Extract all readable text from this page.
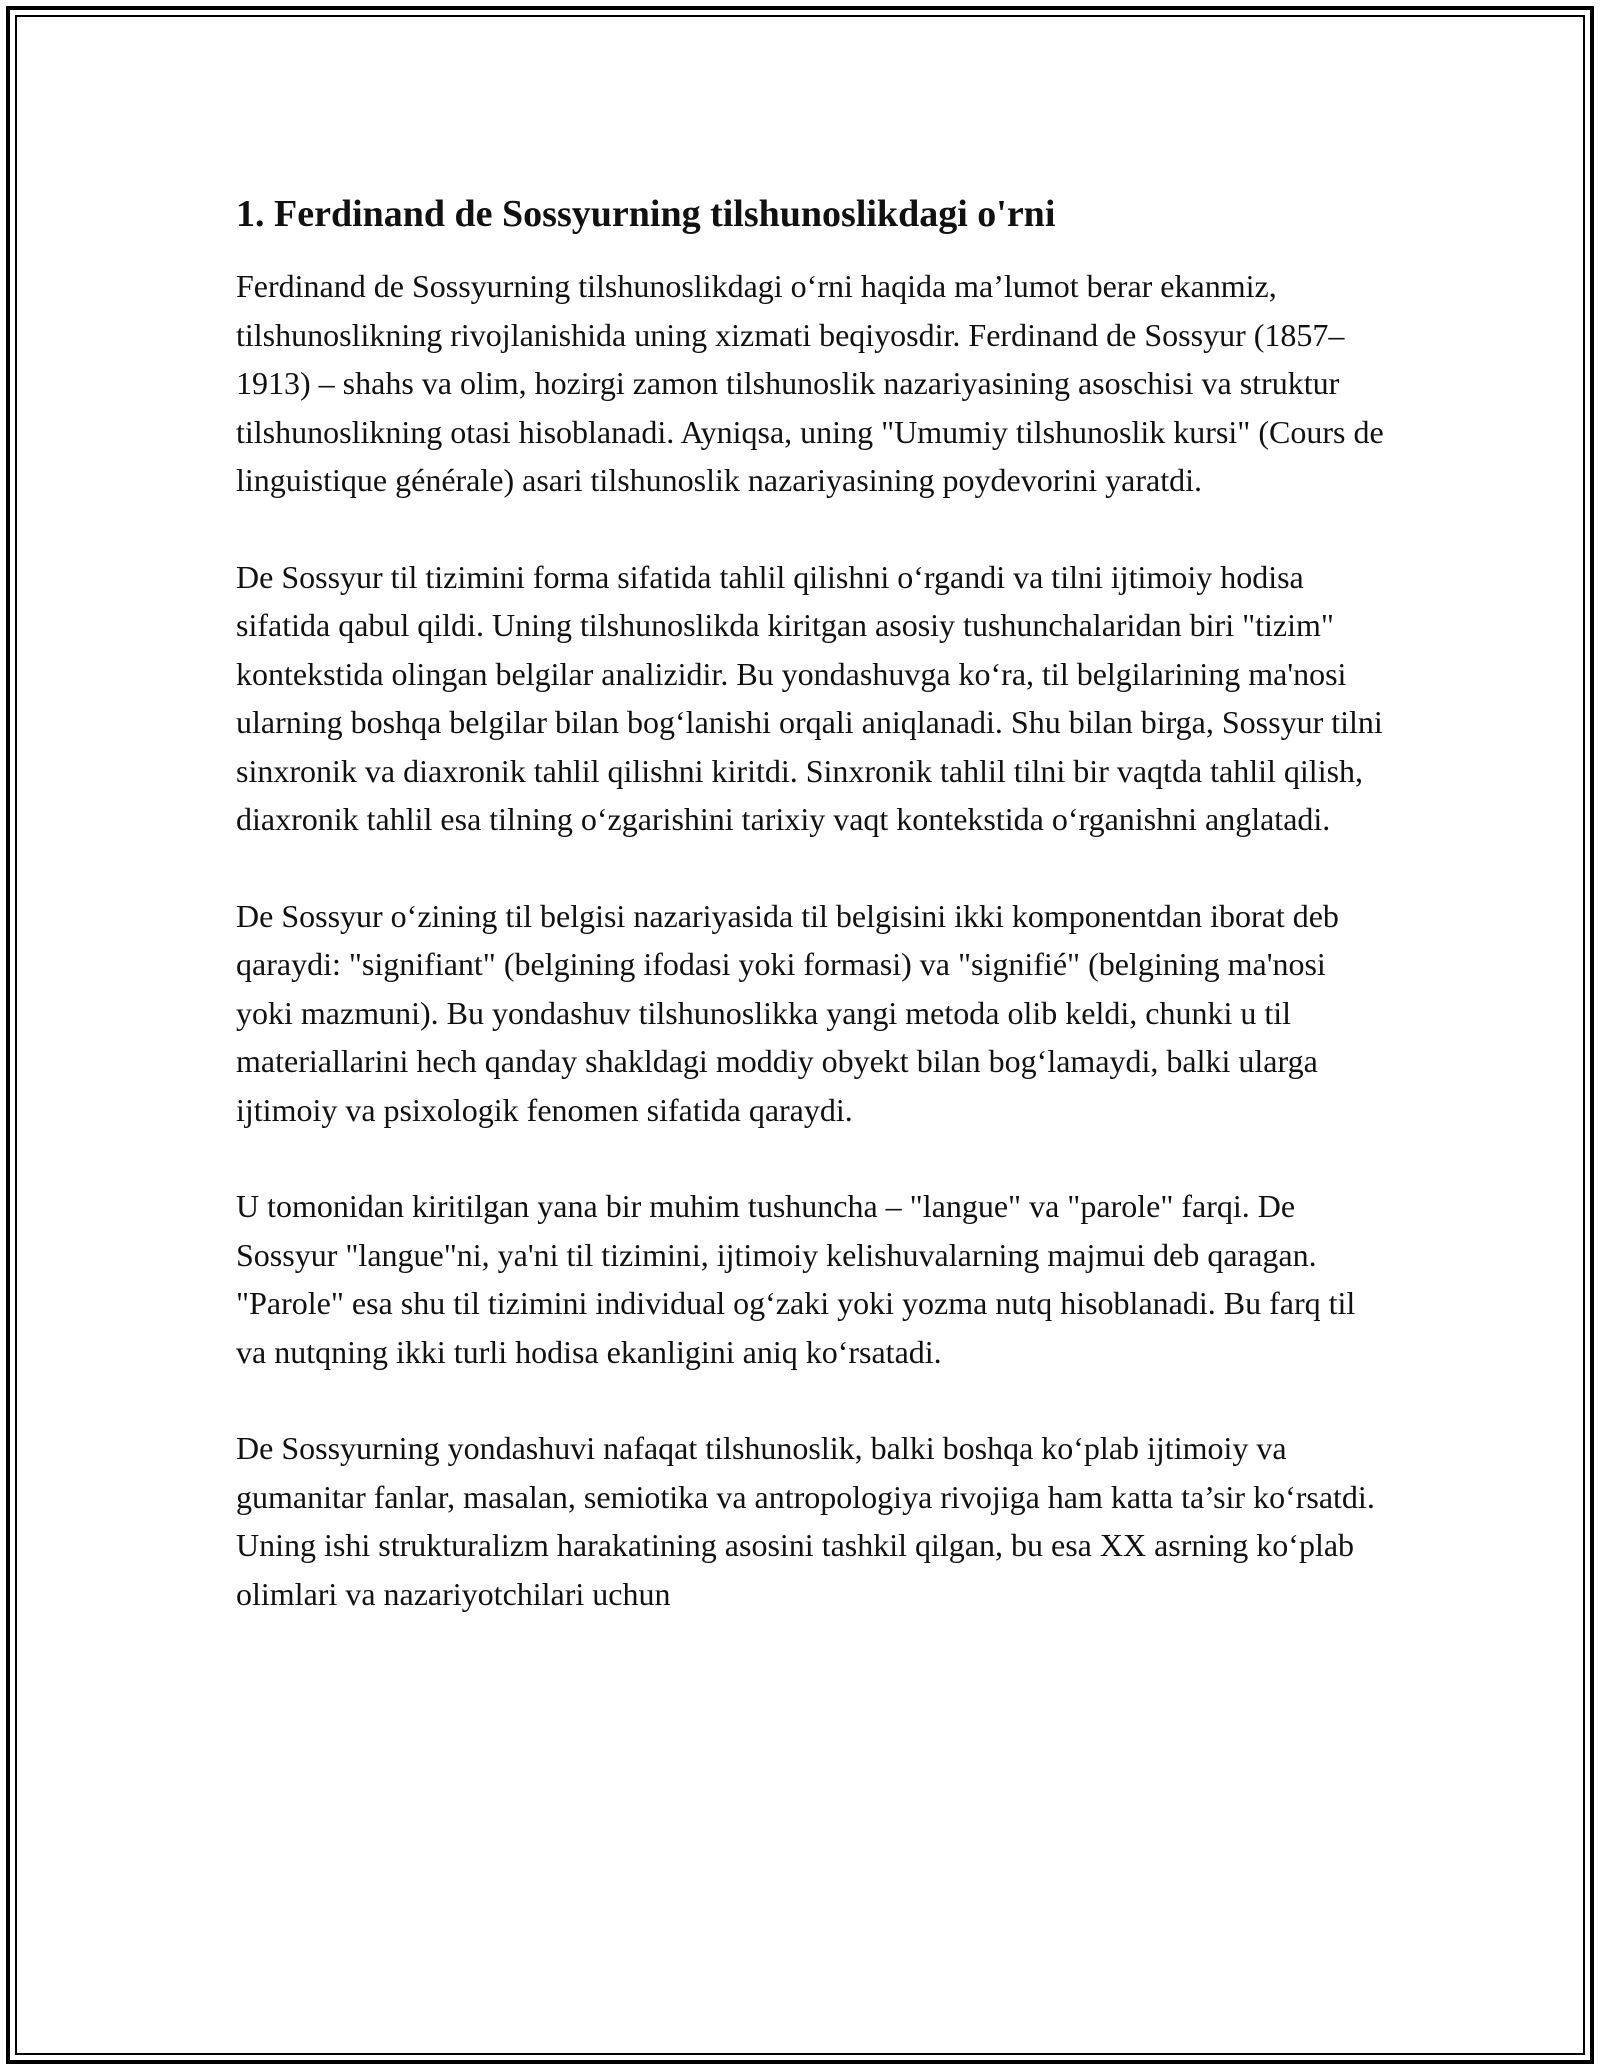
1. Ferdinand de Sossyurning tilshunoslikdagi o'rni

Ferdinand de Sossyurning tilshunoslikdagi o‘rni haqida ma’lumot berar ekanmiz, tilshunoslikning rivojlanishida uning xizmati beqiyosdir. Ferdinand de Sossyur (1857–1913) – shahs va olim, hozirgi zamon tilshunoslik nazariyasining asoschisi va struktur tilshunoslikning otasi hisoblanadi. Ayniqsa, uning "Umumiy tilshunoslik kursi" (Cours de linguistique générale) asari tilshunoslik nazariyasining poydevorini yaratdi.

De Sossyur til tizimini forma sifatida tahlil qilishni o‘rgandi va tilni ijtimoiy hodisa sifatida qabul qildi. Uning tilshunoslikda kiritgan asosiy tushunchalaridan biri "tizim" kontekstida olingan belgilar analizidir. Bu yondashuvga ko‘ra, til belgilarining ma'nosi ularning boshqa belgilar bilan bog‘lanishi orqali aniqlanadi. Shu bilan birga, Sossyur tilni sinxronik va diaxronik tahlil qilishni kiritdi. Sinxronik tahlil tilni bir vaqtda tahlil qilish, diaxronik tahlil esa tilning o‘zgarishini tarixiy vaqt kontekstida o‘rganishni anglatadi.

De Sossyur o‘zining til belgisi nazariyasida til belgisini ikki komponentdan iborat deb qaraydi: "signifiant" (belgining ifodasi yoki formasi) va "signifié" (belgining ma'nosi yoki mazmuni). Bu yondashuv tilshunoslikka yangi metoda olib keldi, chunki u til materiallarini hech qanday shakldagi moddiy obyekt bilan bog‘lamaydi, balki ularga ijtimoiy va psixologik fenomen sifatida qaraydi.

U tomonidan kiritilgan yana bir muhim tushuncha – "langue" va "parole" farqi. De Sossyur "langue"ni, ya'ni til tizimini, ijtimoiy kelishuvalarning majmui deb qaragan. "Parole" esa shu til tizimini individual og‘zaki yoki yozma nutq hisoblanadi. Bu farq til va nutqning ikki turli hodisa ekanligini aniq ko‘rsatadi.

De Sossyurning yondashuvi nafaqat tilshunoslik, balki boshqa ko‘plab ijtimoiy va gumanitar fanlar, masalan, semiotika va antropologiya rivojiga ham katta ta’sir ko‘rsatdi. Uning ishi strukturalizm harakatining asosini tashkil qilgan, bu esa XX asrning ko‘plab olimlari va nazariyotchilari uchun
